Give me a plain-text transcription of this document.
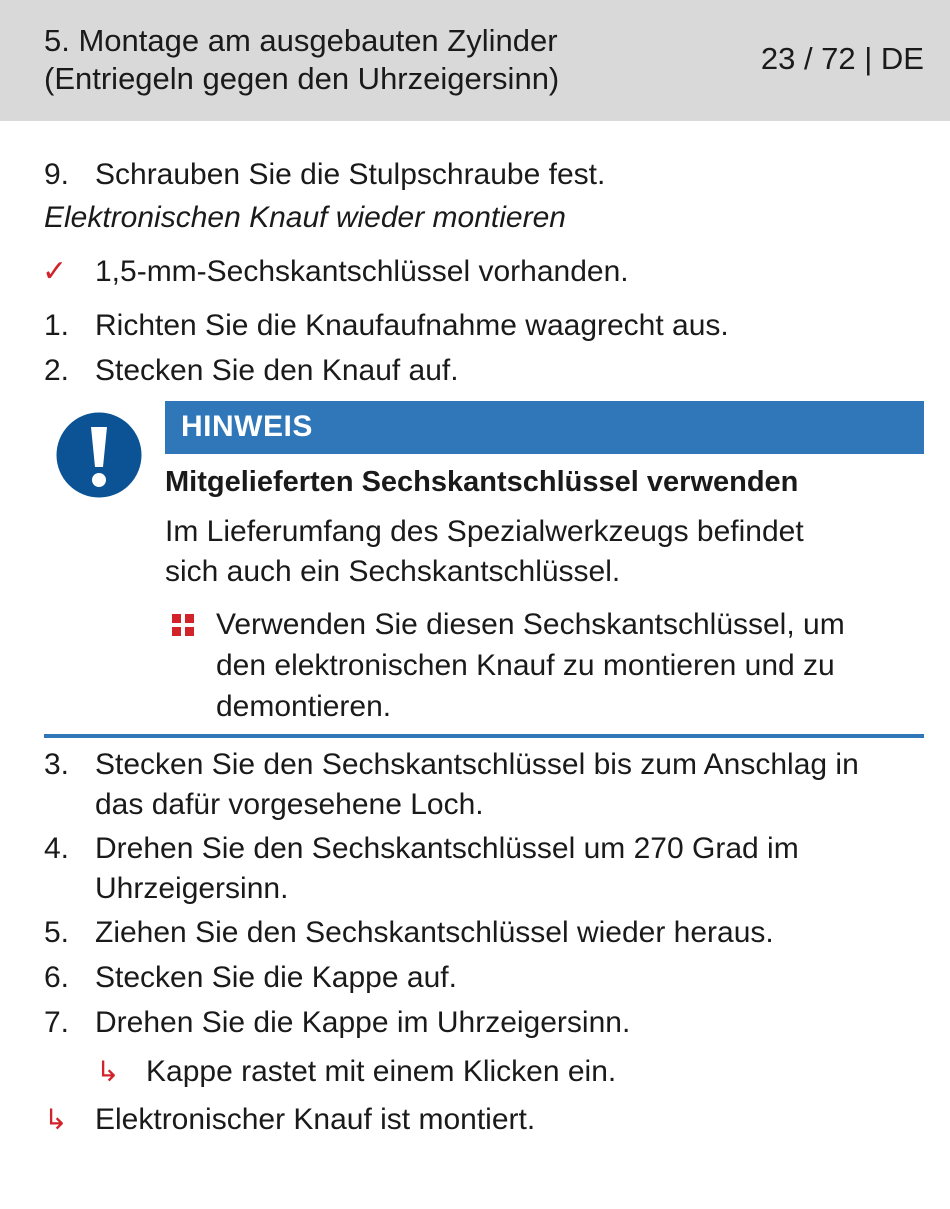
5. Montage am ausgebauten Zylinder
(Entriegeln gegen den Uhrzeigersinn)
23 / 72 | DE
9. Schrauben Sie die Stulpschraube fest.
Elektronischen Knauf wieder montieren
✓ 1,5-mm-Sechskantschlüssel vorhanden.
1. Richten Sie die Knaufaufnahme waagrecht aus.
2. Stecken Sie den Knauf auf.
HINWEIS
Mitgelieferten Sechskantschlüssel verwenden
Im Lieferumfang des Spezialwerkzeugs befindet
sich auch ein Sechskantschlüssel.
Verwenden Sie diesen Sechskantschlüssel, um
den elektronischen Knauf zu montieren und zu
demontieren.
3. Stecken Sie den Sechskantschlüssel bis zum Anschlag in
das dafür vorgesehene Loch.
4. Drehen Sie den Sechskantschlüssel um 270 Grad im
Uhrzeigersinn.
5. Ziehen Sie den Sechskantschlüssel wieder heraus.
6. Stecken Sie die Kappe auf.
7. Drehen Sie die Kappe im Uhrzeigersinn.
↳ Kappe rastet mit einem Klicken ein.
↳ Elektronischer Knauf ist montiert.
